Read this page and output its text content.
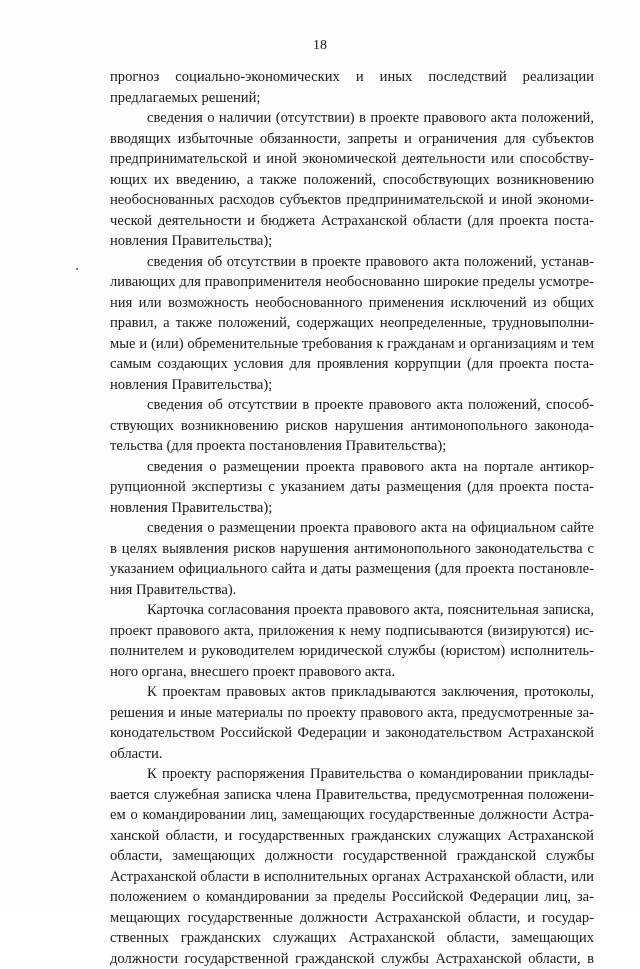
18
прогноз социально-экономических и иных последствий реализации
предлагаемых решений;
сведения о наличии (отсутствии) в проекте правового акта положений,
вводящих избыточные обязанности, запреты и ограничения для субъектов
предпринимательской и иной экономической деятельности или способству-
ющих их введению, а также положений, способствующих возникновению
необоснованных расходов субъектов предпринимательской и иной экономи-
ческой деятельности и бюджета Астраханской области (для проекта поста-
новления Правительства);
сведения об отсутствии в проекте правового акта положений, устанав-
ливающих для правоприменителя необоснованно широкие пределы усмотре-
ния или возможность необоснованного применения исключений из общих
правил, а также положений, содержащих неопределенные, трудновыполни-
мые и (или) обременительные требования к гражданам и организациям и тем
самым создающих условия для проявления коррупции (для проекта поста-
новления Правительства);
сведения об отсутствии в проекте правового акта положений, способ-
ствующих возникновению рисков нарушения антимонопольного законода-
тельства (для проекта постановления Правительства);
сведения о размещении проекта правового акта на портале антикор-
рупционной экспертизы с указанием даты размещения (для проекта поста-
новления Правительства);
сведения о размещении проекта правового акта на официальном сайте
в целях выявления рисков нарушения антимонопольного законодательства с
указанием официального сайта и даты размещения (для проекта постановле-
ния Правительства).
Карточка согласования проекта правового акта, пояснительная записка,
проект правового акта, приложения к нему подписываются (визируются) ис-
полнителем и руководителем юридической службы (юристом) исполнитель-
ного органа, внесшего проект правового акта.
К проектам правовых актов прикладываются заключения, протоколы,
решения и иные материалы по проекту правового акта, предусмотренные за-
конодательством Российской Федерации и законодательством Астраханской
области.
К проекту распоряжения Правительства о командировании приклады-
вается служебная записка члена Правительства, предусмотренная положени-
ем о командировании лиц, замещающих государственные должности Астра-
ханской области, и государственных гражданских служащих Астраханской
области, замещающих должности государственной гражданской службы
Астраханской области в исполнительных органах Астраханской области, или
положением о командировании за пределы Российской Федерации лиц, за-
мещающих государственные должности Астраханской области, и государ-
ственных гражданских служащих Астраханской области, замещающих
должности государственной гражданской службы Астраханской области, в
